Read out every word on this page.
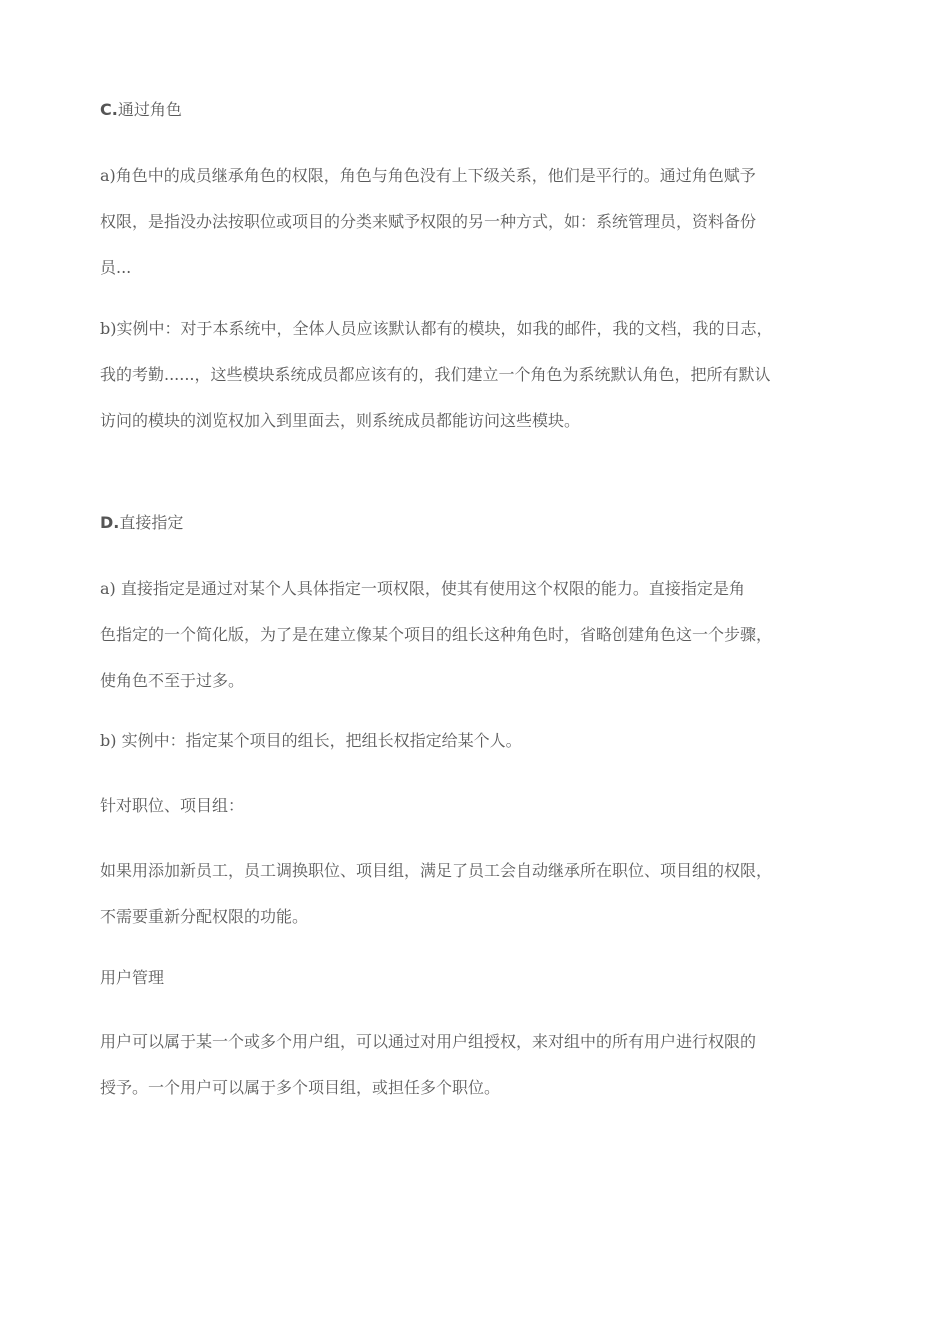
C.通过角色
a)角色中的成员继承角色的权限，角色与角色没有上下级关系，他们是平行的。通过角色赋予
权限，是指没办法按职位或项目的分类来赋予权限的另一种方式，如：系统管理员，资料备份
员...
b)实例中：对于本系统中，全体人员应该默认都有的模块，如我的邮件，我的文档，我的日志，
我的考勤......，这些模块系统成员都应该有的，我们建立一个角色为系统默认角色，把所有默认
访问的模块的浏览权加入到里面去，则系统成员都能访问这些模块。
D.直接指定
a) 直接指定是通过对某个人具体指定一项权限，使其有使用这个权限的能力。直接指定是角
色指定的一个简化版，为了是在建立像某个项目的组长这种角色时，省略创建角色这一个步骤，
使角色不至于过多。
b) 实例中：指定某个项目的组长，把组长权指定给某个人。
针对职位、项目组：
如果用添加新员工，员工调换职位、项目组，满足了员工会自动继承所在职位、项目组的权限，
不需要重新分配权限的功能。
用户管理
用户可以属于某一个或多个用户组，可以通过对用户组授权，来对组中的所有用户进行权限的
授予。一个用户可以属于多个项目组，或担任多个职位。
